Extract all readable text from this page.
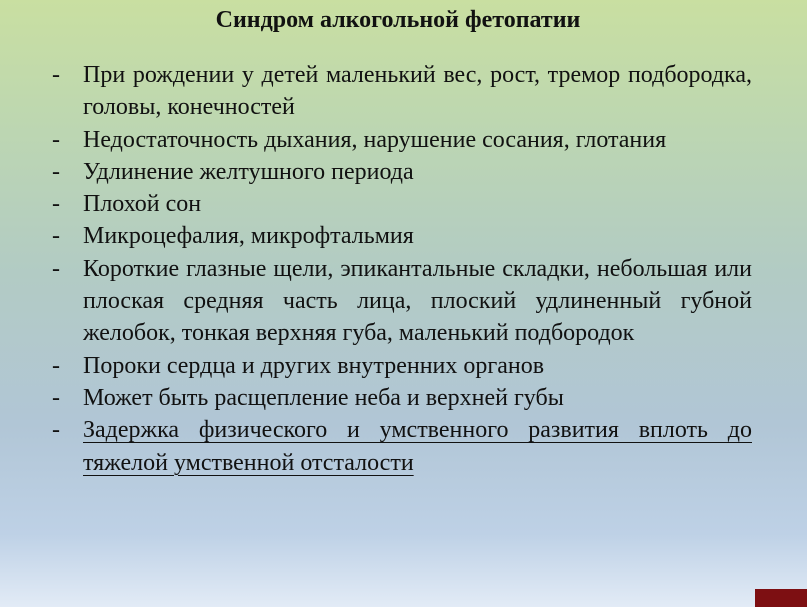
Синдром алкогольной фетопатии
- При рождении у детей маленький вес, рост, тремор подбородка, головы, конечностей
- Недостаточность дыхания, нарушение сосания, глотания
- Удлинение желтушного периода
- Плохой сон
- Микроцефалия, микрофтальмия
- Короткие глазные щели, эпикантальные складки, небольшая или плоская средняя часть лица, плоский удлиненный губной желобок, тонкая верхняя губа, маленький подбородок
- Пороки сердца и других внутренних органов
- Может быть расщепление неба и верхней губы
- Задержка физического и умственного развития вплоть до тяжелой умственной отсталости
